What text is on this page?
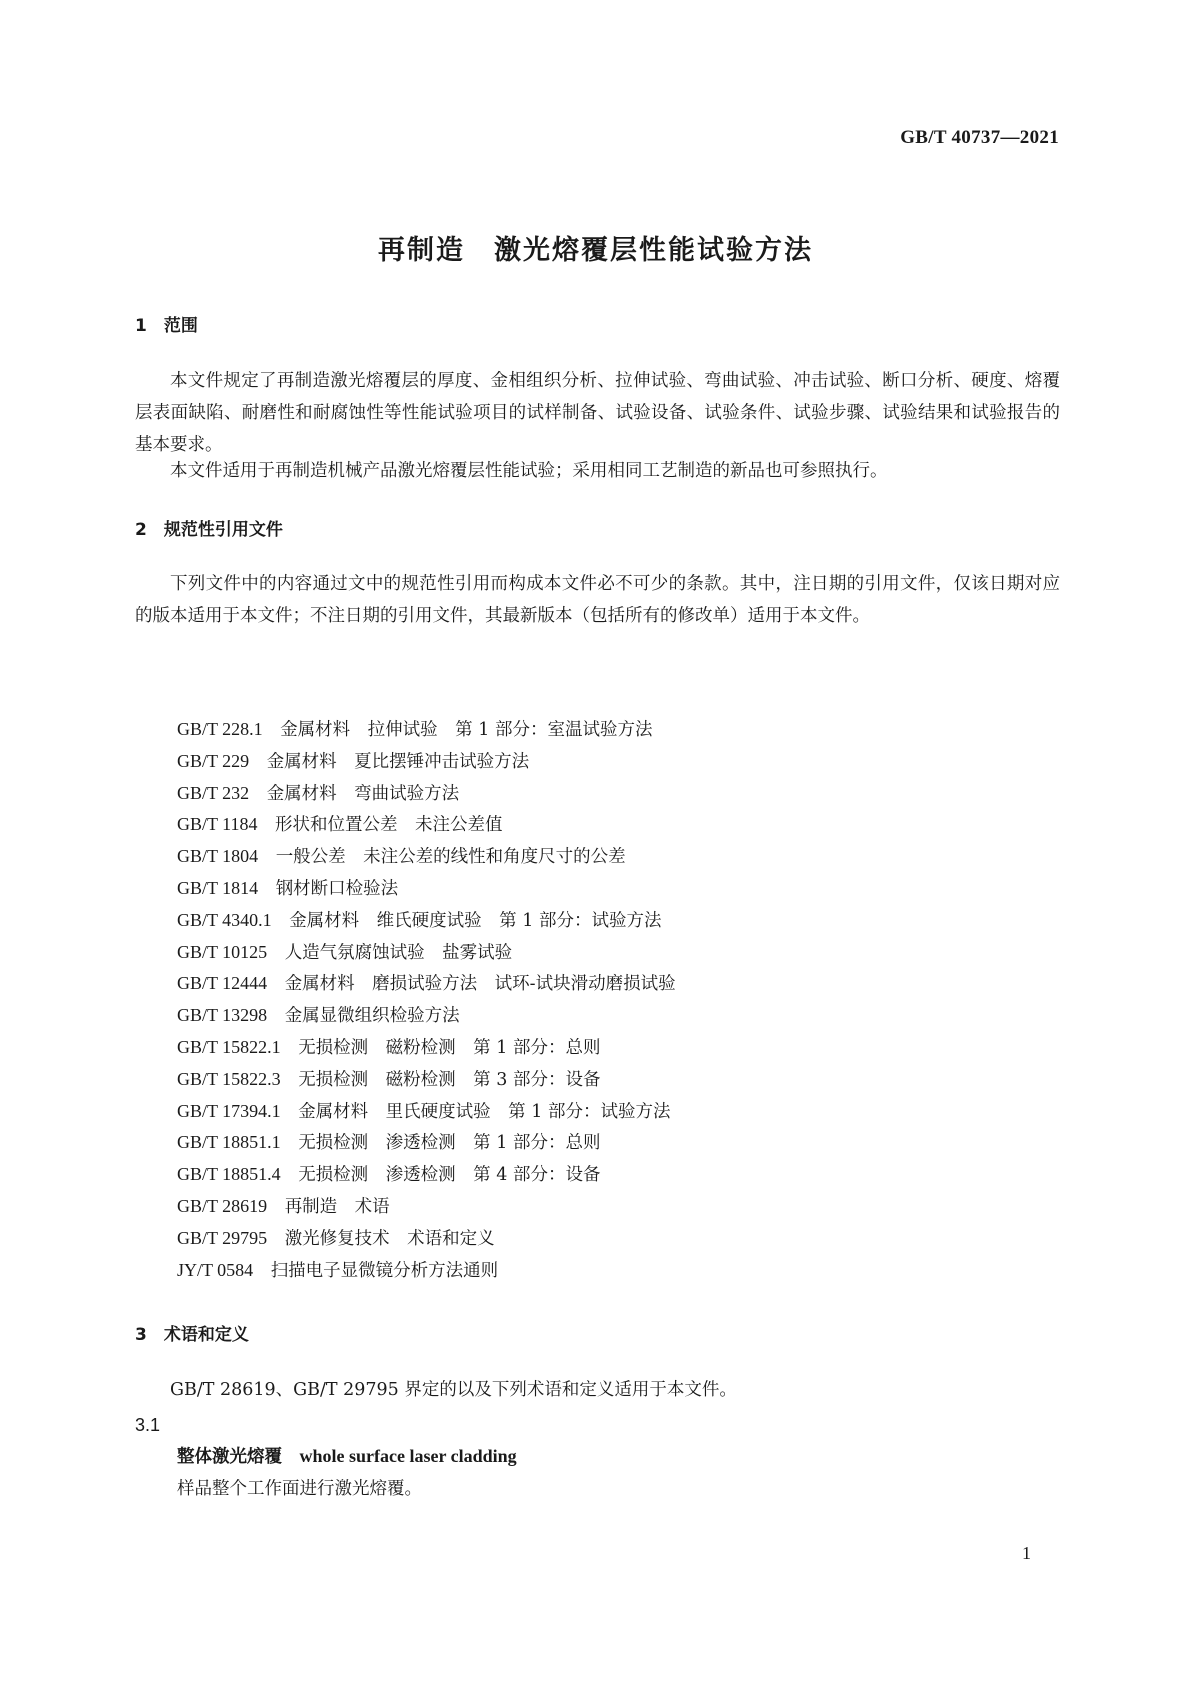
GB/T 40737—2021
再制造　激光熔覆层性能试验方法
1　范围

本文件规定了再制造激光熔覆层的厚度、金相组织分析、拉伸试验、弯曲试验、冲击试验、断口分析、硬度、熔覆层表面缺陷、耐磨性和耐腐蚀性等性能试验项目的试样制备、试验设备、试验条件、试验步骤、试验结果和试验报告的基本要求。

本文件适用于再制造机械产品激光熔覆层性能试验；采用相同工艺制造的新品也可参照执行。

2　规范性引用文件

下列文件中的内容通过文中的规范性引用而构成本文件必不可少的条款。其中，注日期的引用文件，仅该日期对应的版本适用于本文件；不注日期的引用文件，其最新版本（包括所有的修改单）适用于本文件。

GB/T 228.1　 金属材料　拉伸试验　第 1 部分：室温试验方法
GB/T 229　 金属材料　夏比摆锤冲击试验方法
GB/T 232　 金属材料　弯曲试验方法
GB/T 1184　 形状和位置公差　未注公差值
GB/T 1804　 一般公差　未注公差的线性和角度尺寸的公差
GB/T 1814　 钢材断口检验法
GB/T 4340.1　 金属材料　维氏硬度试验　第 1 部分：试验方法
GB/T 10125　 人造气氛腐蚀试验　盐雾试验
GB/T 12444　 金属材料　磨损试验方法　试环-试块滑动磨损试验
GB/T 13298　 金属显微组织检验方法
GB/T 15822.1　 无损检测　磁粉检测　第 1 部分：总则
GB/T 15822.3　 无损检测　磁粉检测　第 3 部分：设备
GB/T 17394.1　 金属材料　里氏硬度试验　第 1 部分：试验方法
GB/T 18851.1　 无损检测　渗透检测　第 1 部分：总则
GB/T 18851.4　 无损检测　渗透检测　第 4 部分：设备
GB/T 28619　 再制造　术语
GB/T 29795　 激光修复技术　术语和定义
JY/T 0584　 扫描电子显微镜分析方法通则
3　术语和定义

GB/T 28619、GB/T 29795 界定的以及下列术语和定义适用于本文件。

3.1
整体激光熔覆　 whole surface laser cladding
样品整个工作面进行激光熔覆。
1
